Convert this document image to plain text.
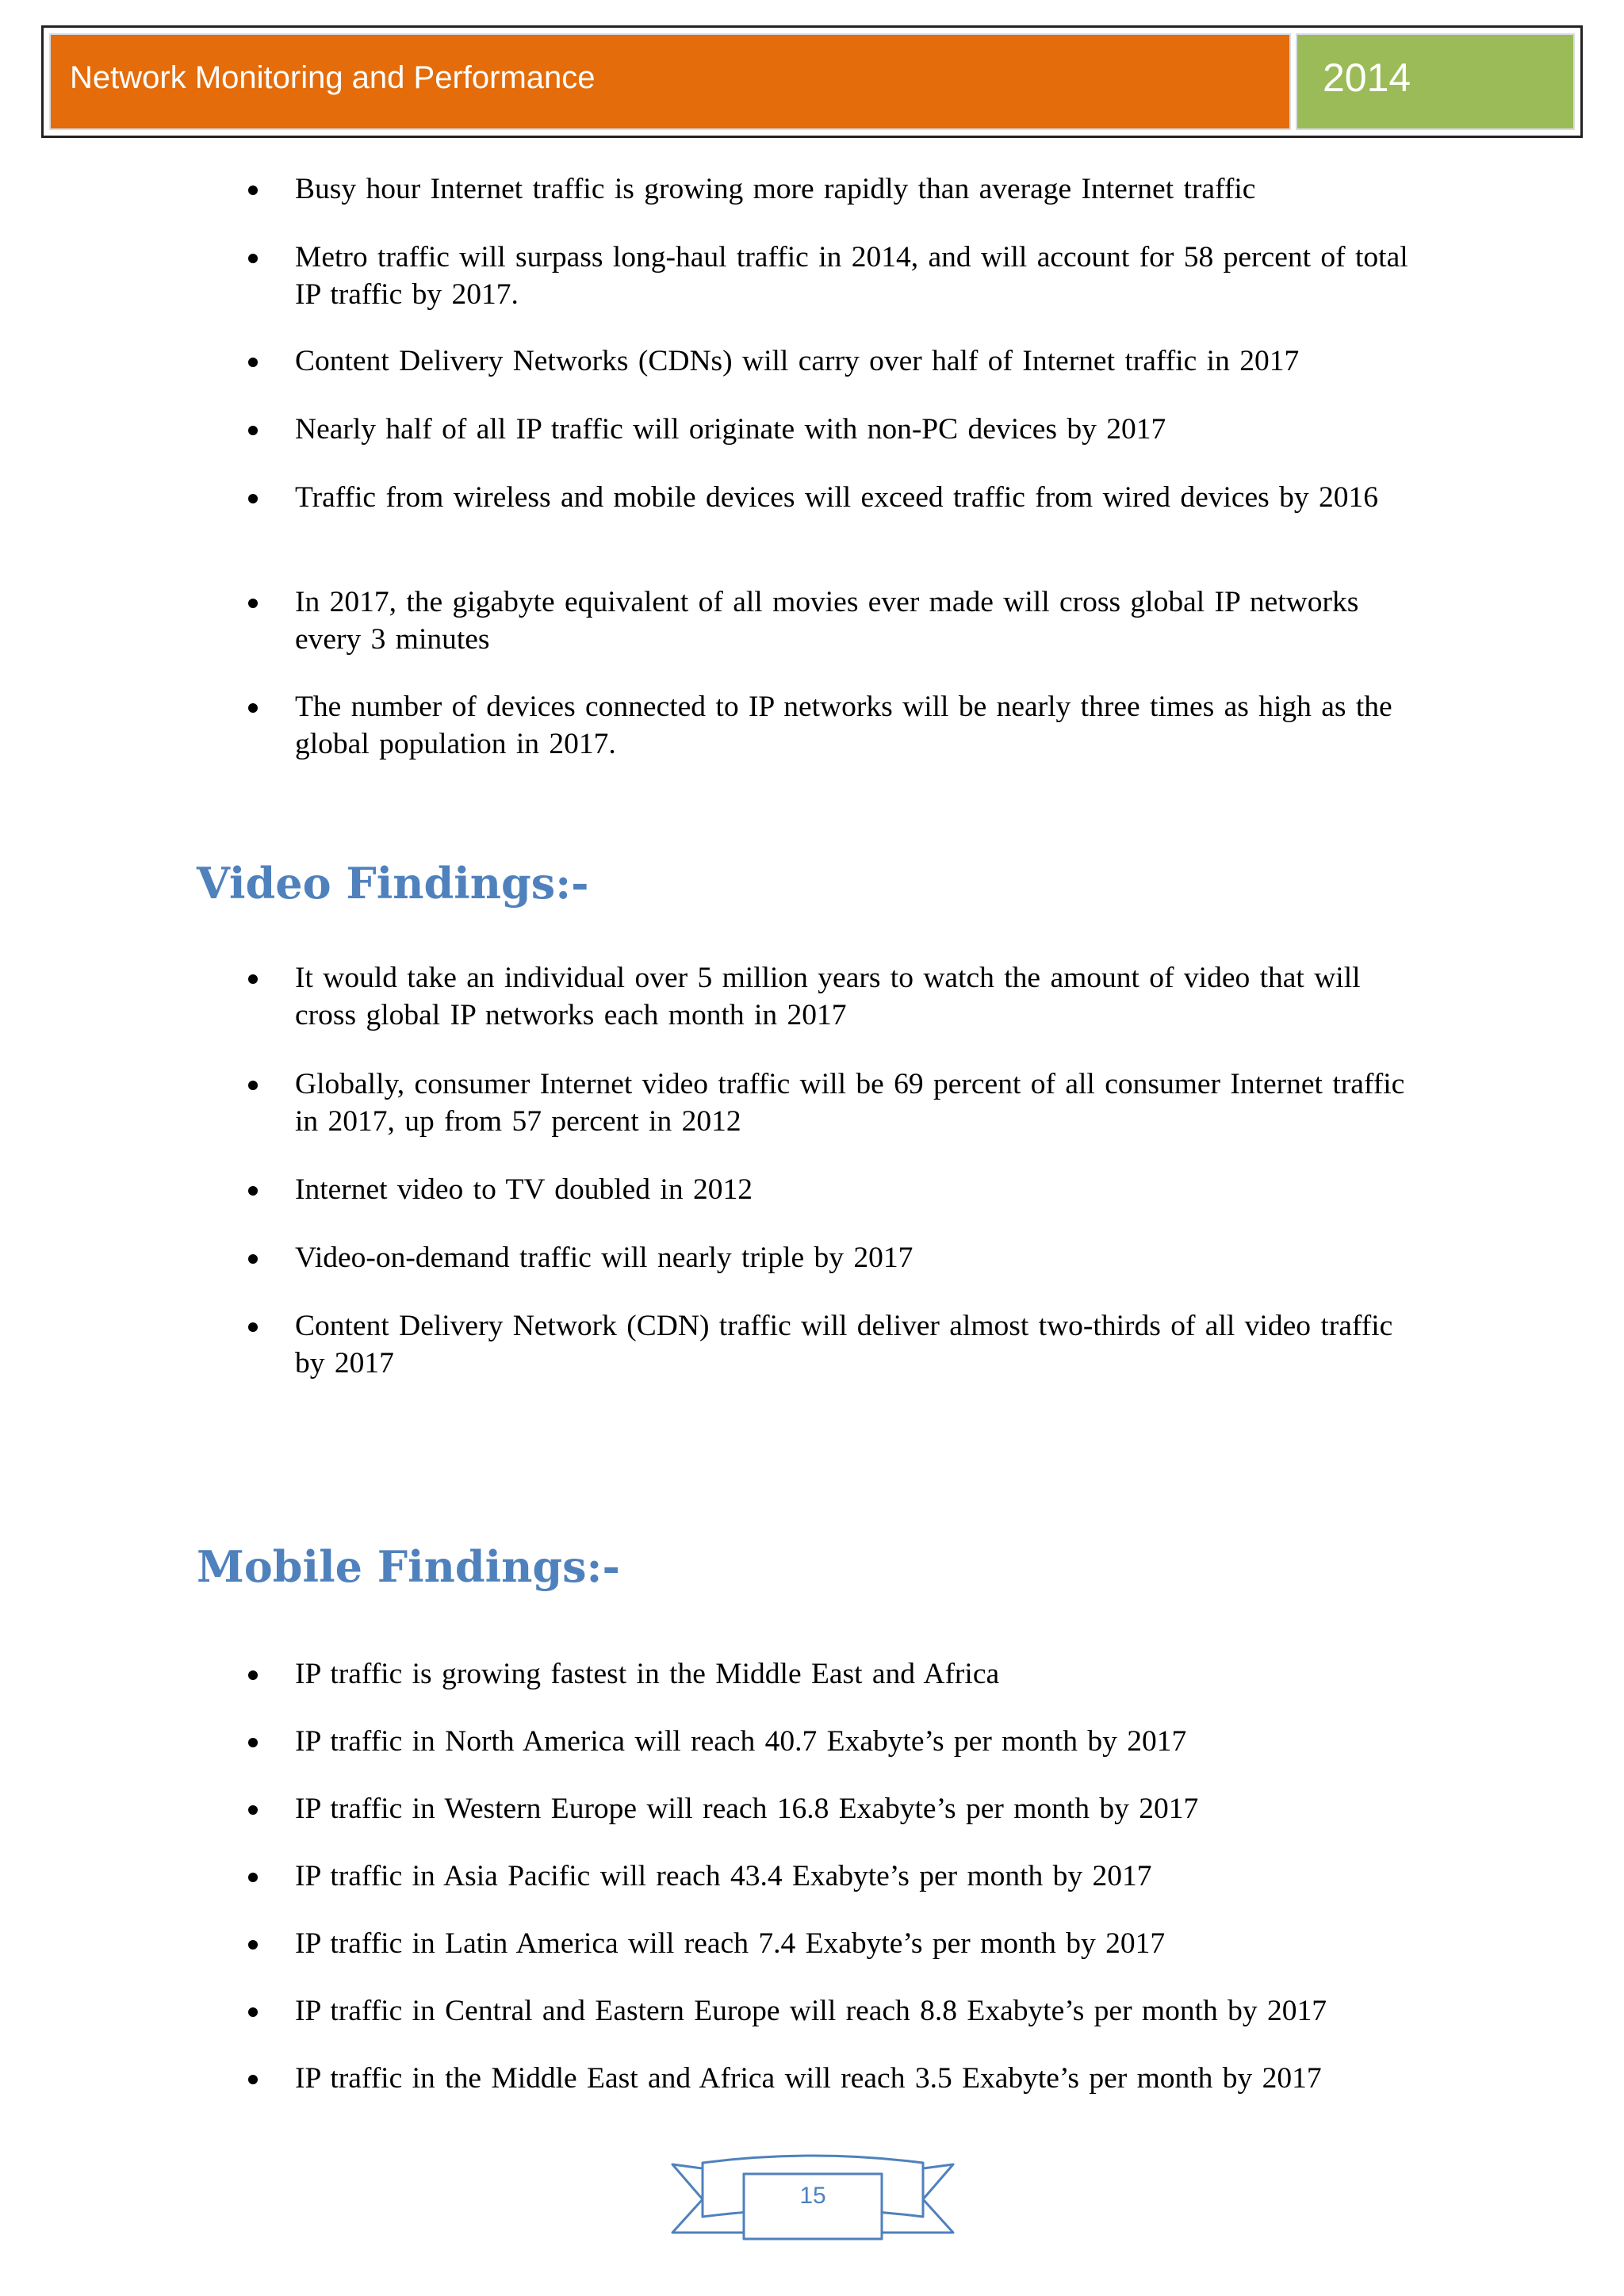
Network Monitoring and Performance	2014
Busy hour Internet traffic is growing more rapidly than average Internet traffic
Metro traffic will surpass long-haul traffic in 2014, and will account for 58 percent of total IP traffic by 2017.
Content Delivery Networks (CDNs) will carry over half of Internet traffic in 2017
Nearly half of all IP traffic will originate with non-PC devices by 2017
Traffic from wireless and mobile devices will exceed traffic from wired devices by 2016
In 2017, the gigabyte equivalent of all movies ever made will cross global IP networks every 3 minutes
The number of devices connected to IP networks will be nearly three times as high as the global population in 2017.
Video Findings:-
It would take an individual over 5 million years to watch the amount of video that will cross global IP networks each month in 2017
Globally, consumer Internet video traffic will be 69 percent of all consumer Internet traffic in 2017, up from 57 percent in 2012
Internet video to TV doubled in 2012
Video-on-demand traffic will nearly triple by 2017
Content Delivery Network (CDN) traffic will deliver almost two-thirds of all video traffic by 2017
Mobile Findings:-
IP traffic is growing fastest in the Middle East and Africa
IP traffic in North America will reach 40.7 Exabyte’s per month by 2017
IP traffic in Western Europe will reach 16.8 Exabyte’s per month by 2017
IP traffic in Asia Pacific will reach 43.4 Exabyte’s per month by 2017
IP traffic in Latin America will reach 7.4 Exabyte’s per month by 2017
IP traffic in Central and Eastern Europe will reach 8.8 Exabyte’s per month by 2017
IP traffic in the Middle East and Africa will reach 3.5 Exabyte’s per month by 2017
15
